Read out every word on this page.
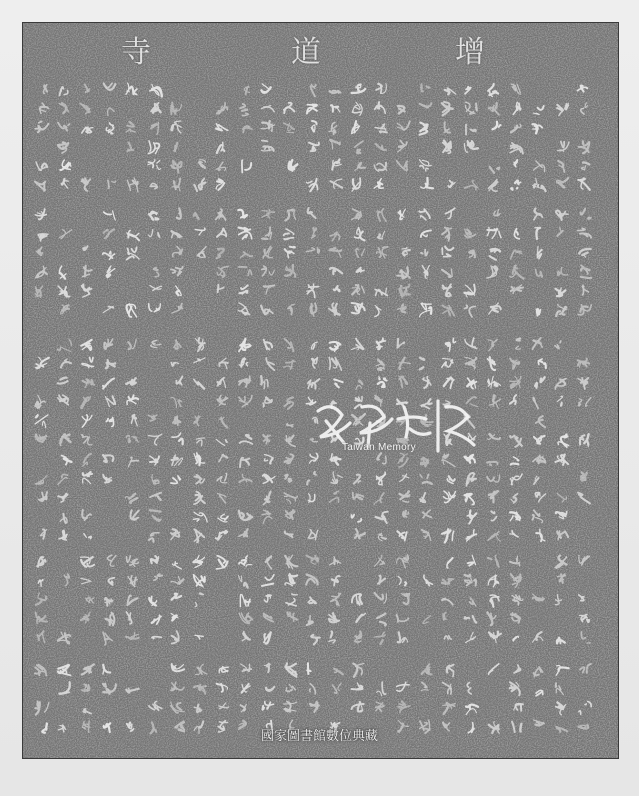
寺	道	增
Taiwan Memory
國家圖書館數位典藏
